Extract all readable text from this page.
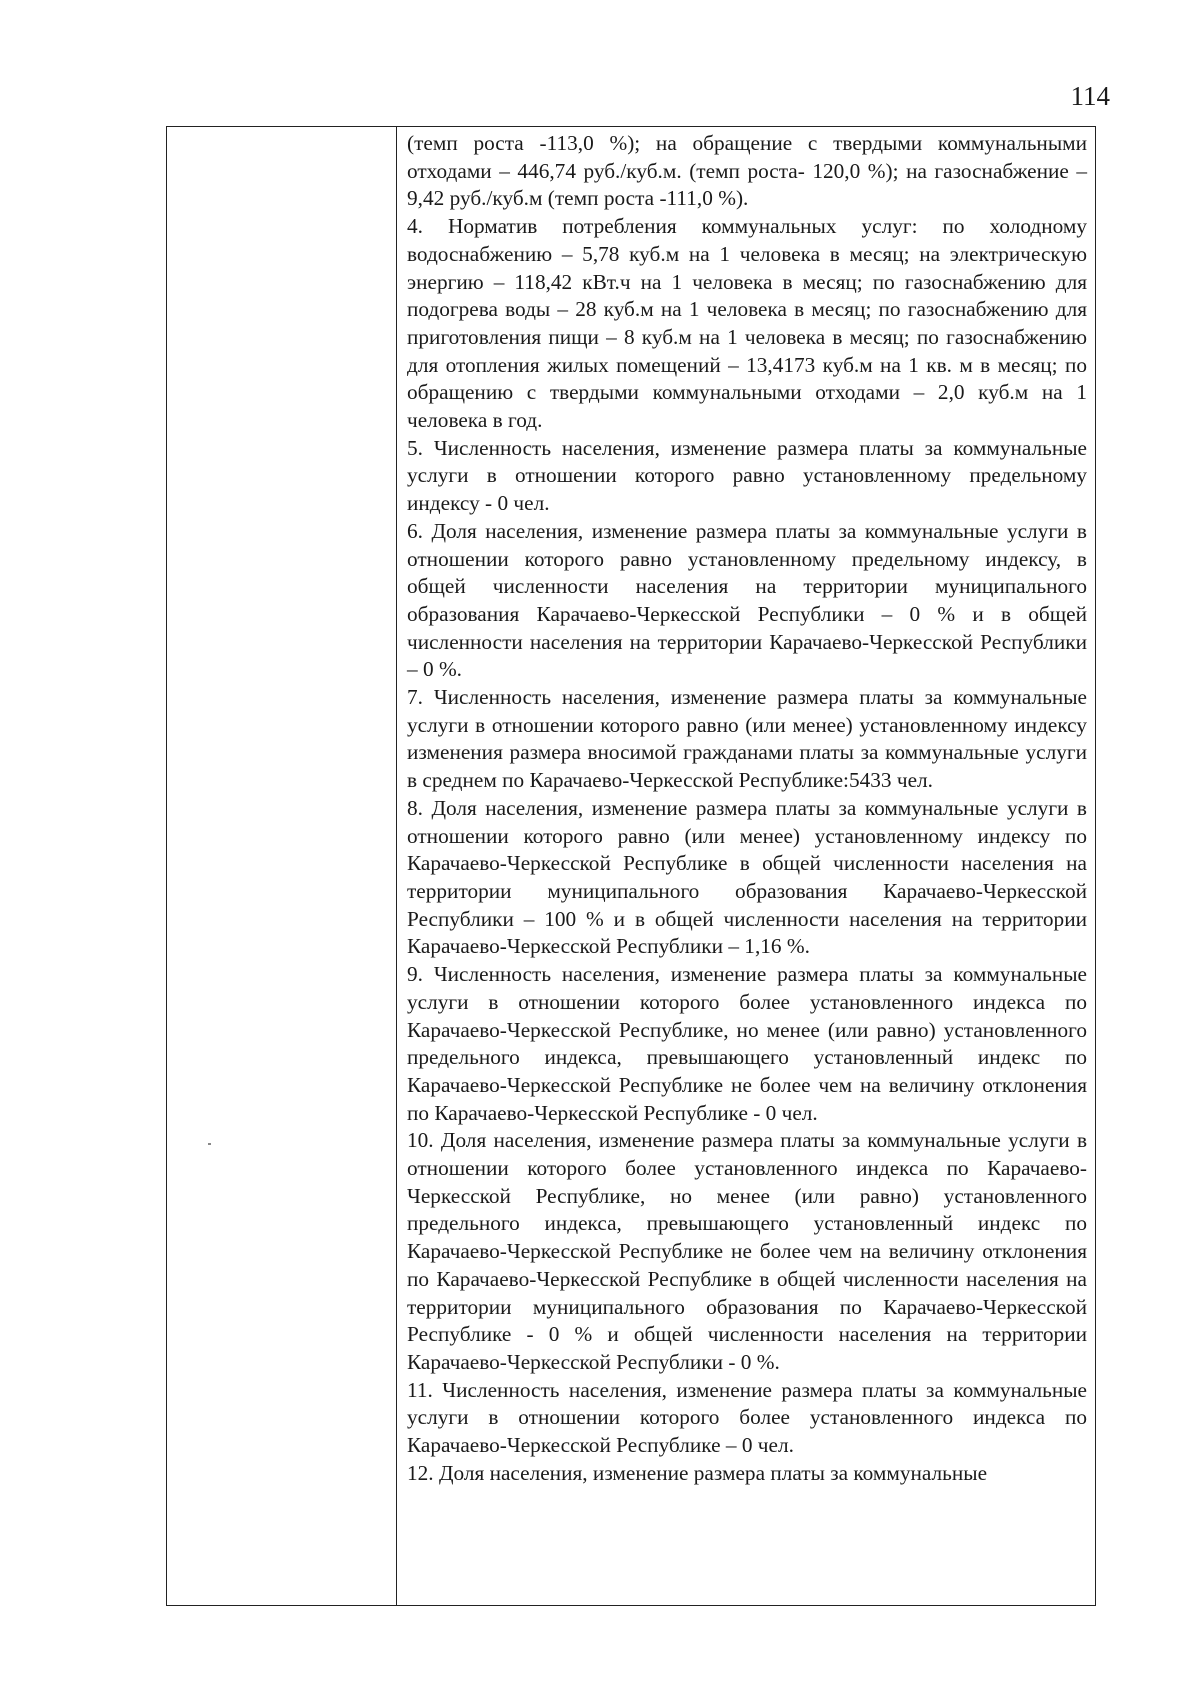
114

(темп роста -113,0 %); на обращение с твердыми коммунальными отходами – 446,74 руб./куб.м. (темп роста- 120,0 %); на газоснабжение – 9,42 руб./куб.м (темп роста -111,0 %).

4. Норматив потребления коммунальных услуг: по холодному водоснабжению – 5,78 куб.м на 1 человека в месяц; на электрическую энергию – 118,42 кВт.ч на 1 человека в месяц; по газоснабжению для подогрева воды – 28 куб.м на 1 человека в месяц; по газоснабжению для приготовления пищи – 8 куб.м на 1 человека в месяц; по газоснабжению для отопления жилых помещений – 13,4173 куб.м на 1 кв. м в месяц; по обращению с твердыми коммунальными отходами – 2,0 куб.м на 1 человека в год.

5. Численность населения, изменение размера платы за коммунальные услуги в отношении которого равно установленному предельному индексу - 0 чел.

6. Доля населения, изменение размера платы за коммунальные услуги в отношении которого равно установленному предельному индексу, в общей численности населения на территории муниципального образования Карачаево-Черкесской Республики – 0 % и в общей численности населения на территории Карачаево-Черкесской Республики – 0 %.

7. Численность населения, изменение размера платы за коммунальные услуги в отношении которого равно (или менее) установленному индексу изменения размера вносимой гражданами платы за коммунальные услуги в среднем по Карачаево-Черкесской Республике:5433 чел.

8. Доля населения, изменение размера платы за коммунальные услуги в отношении которого равно (или менее) установленному индексу по Карачаево-Черкесской Республике в общей численности населения на территории муниципального образования Карачаево-Черкесской Республики – 100 % и в общей численности населения на территории Карачаево-Черкесской Республики – 1,16 %.

9. Численность населения, изменение размера платы за коммунальные услуги в отношении которого более установленного индекса по Карачаево-Черкесской Республике, но менее (или равно) установленного предельного индекса, превышающего установленный индекс по Карачаево-Черкесской Республике не более чем на величину отклонения по Карачаево-Черкесской Республике - 0 чел.

10. Доля населения, изменение размера платы за коммунальные услуги в отношении которого более установленного индекса по Карачаево-Черкесской Республике, но менее (или равно) установленного предельного индекса, превышающего установленный индекс по Карачаево-Черкесской Республике не более чем на величину отклонения по Карачаево-Черкесской Республике в общей численности населения на территории муниципального образования по Карачаево-Черкесской Республике - 0 % и общей численности населения на территории Карачаево-Черкесской Республики - 0 %.

11. Численность населения, изменение размера платы за коммунальные услуги в отношении которого более установленного индекса по Карачаево-Черкесской Республике – 0 чел.

12. Доля населения, изменение размера платы за коммунальные
